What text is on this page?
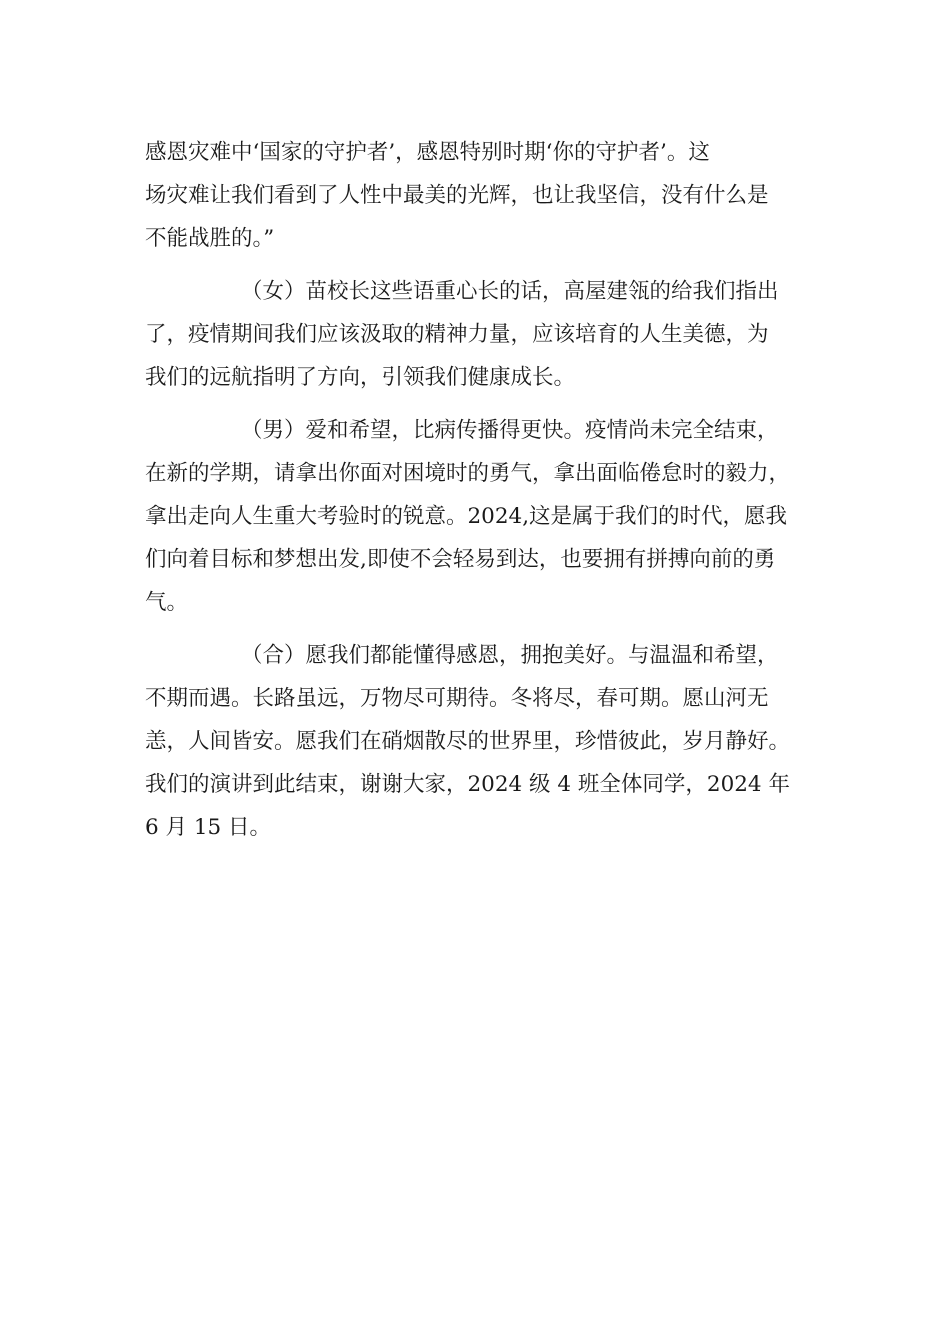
感恩灾难中‘国家的守护者’，感恩特别时期‘你的守护者’。这
场灾难让我们看到了人性中最美的光辉，也让我坚信，没有什么是
不能战胜的。”
（女）苗校长这些语重心长的话，高屋建瓴的给我们指出
了，疫情期间我们应该汲取的精神力量，应该培育的人生美德，为
我们的远航指明了方向，引领我们健康成长。
（男）爱和希望，比病传播得更快。疫情尚未完全结束，
在新的学期，请拿出你面对困境时的勇气，拿出面临倦怠时的毅力，
拿出走向人生重大考验时的锐意。2024,这是属于我们的时代，愿我
们向着目标和梦想出发,即使不会轻易到达，也要拥有拼搏向前的勇
气。
（合）愿我们都能懂得感恩，拥抱美好。与温温和希望，
不期而遇。长路虽远，万物尽可期待。冬将尽，春可期。愿山河无
恙，人间皆安。愿我们在硝烟散尽的世界里，珍惜彼此，岁月静好。
我们的演讲到此结束，谢谢大家，2024 级 4 班全体同学，2024 年
6 月 15 日。
